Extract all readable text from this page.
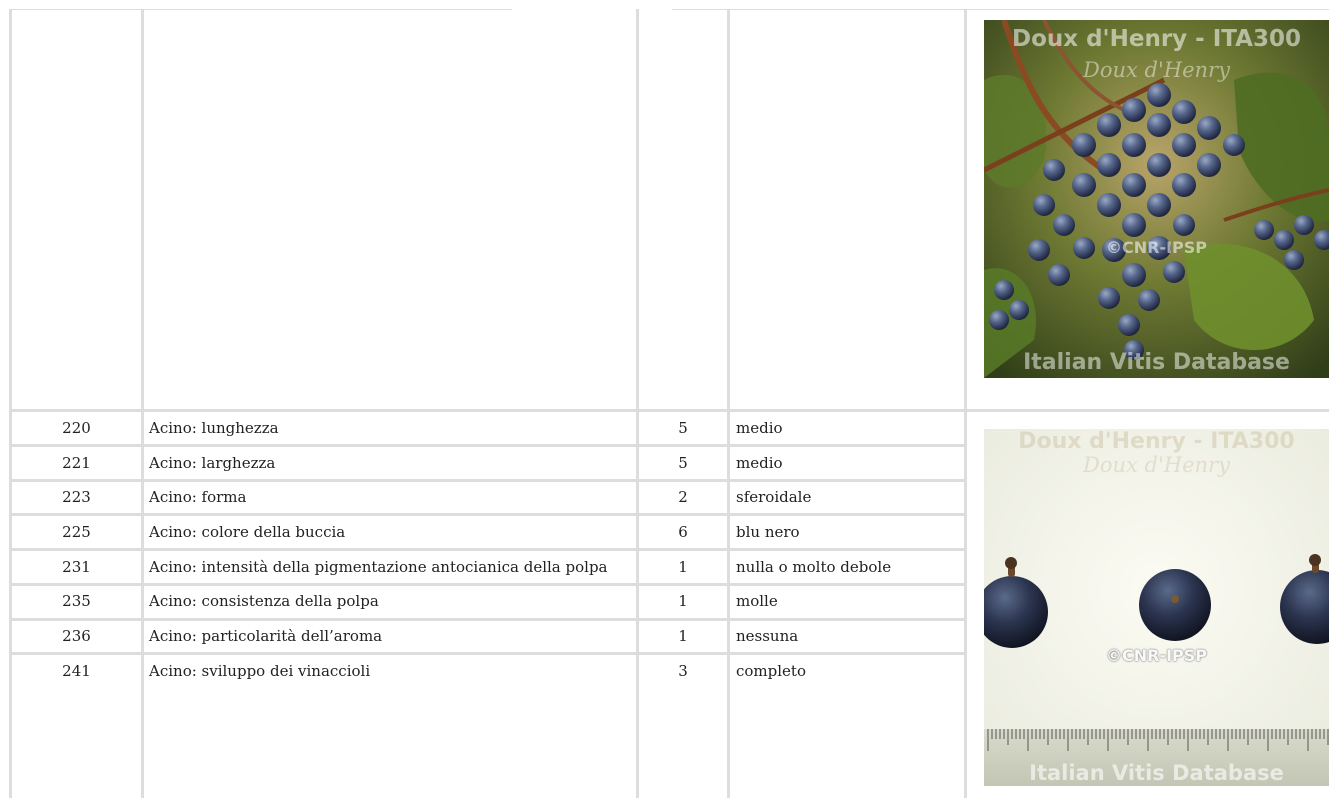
220	Acino: lunghezza	5	medio
221	Acino: larghezza	5	medio
223	Acino: forma	2	sferoidale
225	Acino: colore della buccia	6	blu nero
231	Acino: intensità della pigmentazione antocianica della polpa	1	nulla o molto debole
235	Acino: consistenza della polpa	1	molle
236	Acino: particolarità dell’aroma	1	nessuna
241	Acino: sviluppo dei vinaccioli	3	completo
Doux d'Henry - ITA300
Doux d'Henry
©CNR-IPSP
Italian Vitis Database
Doux d'Henry - ITA300
Doux d'Henry
©CNR-IPSP
Italian Vitis Database
